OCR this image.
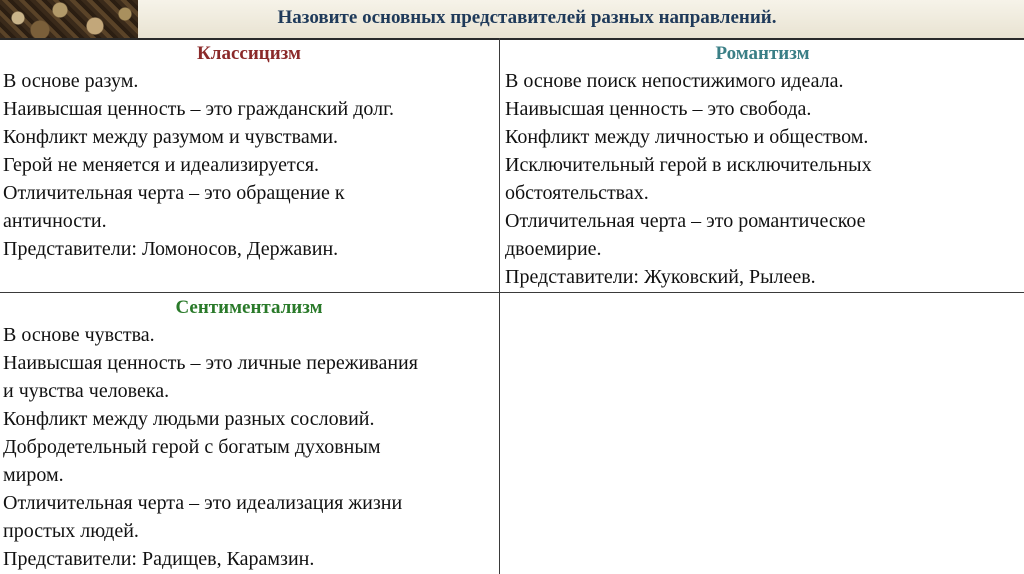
Назовите основных представителей разных направлений.
Классицизм
В основе разум.
Наивысшая ценность – это гражданский долг.
Конфликт между разумом и чувствами.
Герой не меняется и идеализируется.
Отличительная черта – это обращение к
античности.
Представители: Ломоносов, Державин.
Романтизм
В основе поиск непостижимого идеала.
Наивысшая ценность – это свобода.
Конфликт между личностью и обществом.
Исключительный герой в исключительных
обстоятельствах.
Отличительная черта – это романтическое
двоемирие.
Представители: Жуковский, Рылеев.
Сентиментализм
В основе чувства.
Наивысшая ценность – это личные переживания
и чувства человека.
Конфликт между людьми разных сословий.
Добродетельный герой с богатым духовным
миром.
Отличительная черта – это идеализация жизни
простых людей.
Представители: Радищев, Карамзин.
